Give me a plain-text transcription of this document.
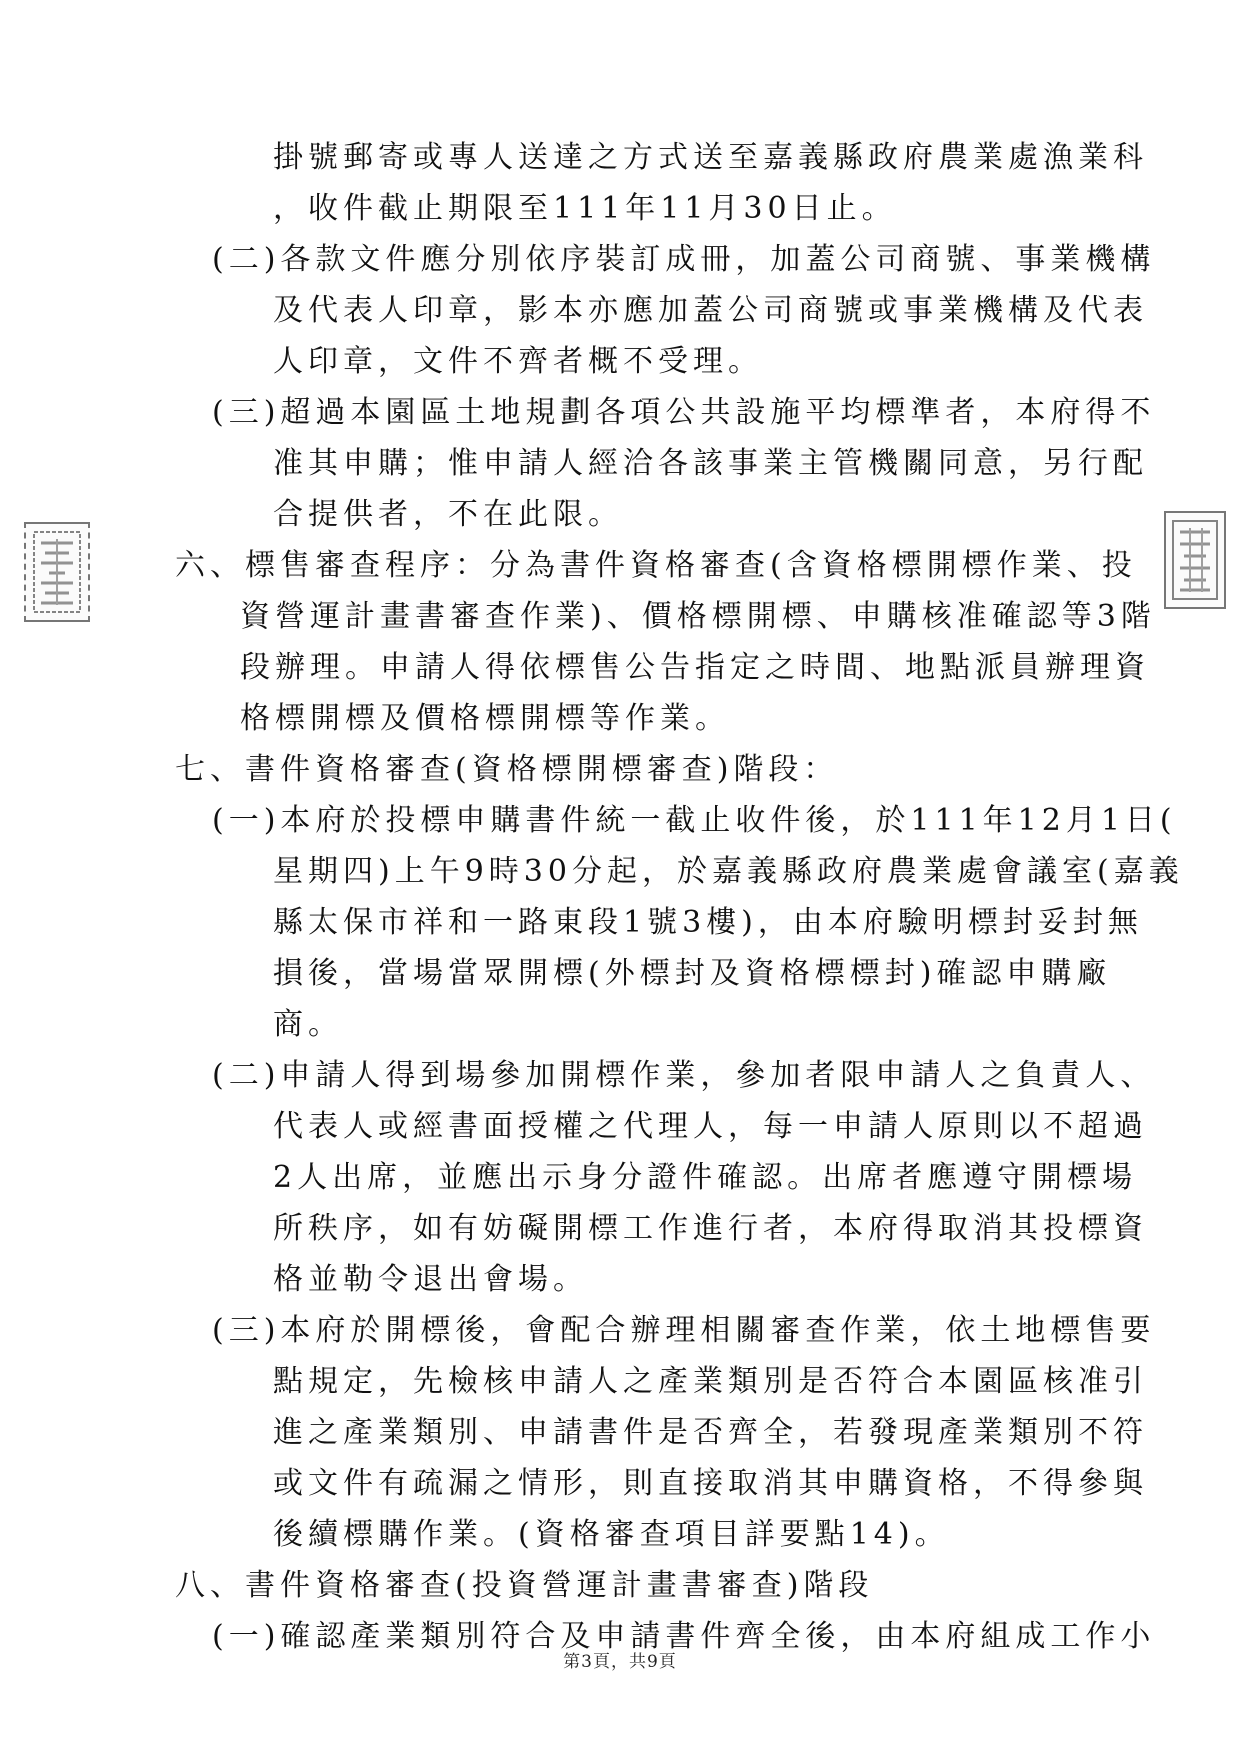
掛號郵寄或專人送達之方式送至嘉義縣政府農業處漁業科
，收件截止期限至111年11月30日止。
(二)各款文件應分別依序裝訂成冊，加蓋公司商號、事業機構
及代表人印章，影本亦應加蓋公司商號或事業機構及代表
人印章，文件不齊者概不受理。
(三)超過本園區土地規劃各項公共設施平均標準者，本府得不
准其申購；惟申請人經洽各該事業主管機關同意，另行配
合提供者，不在此限。
六、標售審查程序：分為書件資格審查(含資格標開標作業、投
資營運計畫書審查作業)、價格標開標、申購核准確認等3階
段辦理。申請人得依標售公告指定之時間、地點派員辦理資
格標開標及價格標開標等作業。
七、書件資格審查(資格標開標審查)階段：
(一)本府於投標申購書件統一截止收件後，於111年12月1日(
星期四)上午9時30分起，於嘉義縣政府農業處會議室(嘉義
縣太保市祥和一路東段1號3樓)，由本府驗明標封妥封無
損後，當場當眾開標(外標封及資格標標封)確認申購廠
商。
(二)申請人得到場參加開標作業，參加者限申請人之負責人、
代表人或經書面授權之代理人，每一申請人原則以不超過
2人出席，並應出示身分證件確認。出席者應遵守開標場
所秩序，如有妨礙開標工作進行者，本府得取消其投標資
格並勒令退出會場。
(三)本府於開標後，會配合辦理相關審查作業，依土地標售要
點規定，先檢核申請人之產業類別是否符合本園區核准引
進之產業類別、申請書件是否齊全，若發現產業類別不符
或文件有疏漏之情形，則直接取消其申購資格，不得參與
後續標購作業。(資格審查項目詳要點14)。
八、書件資格審查(投資營運計畫書審查)階段
(一)確認產業類別符合及申請書件齊全後，由本府組成工作小
第3頁，共9頁
